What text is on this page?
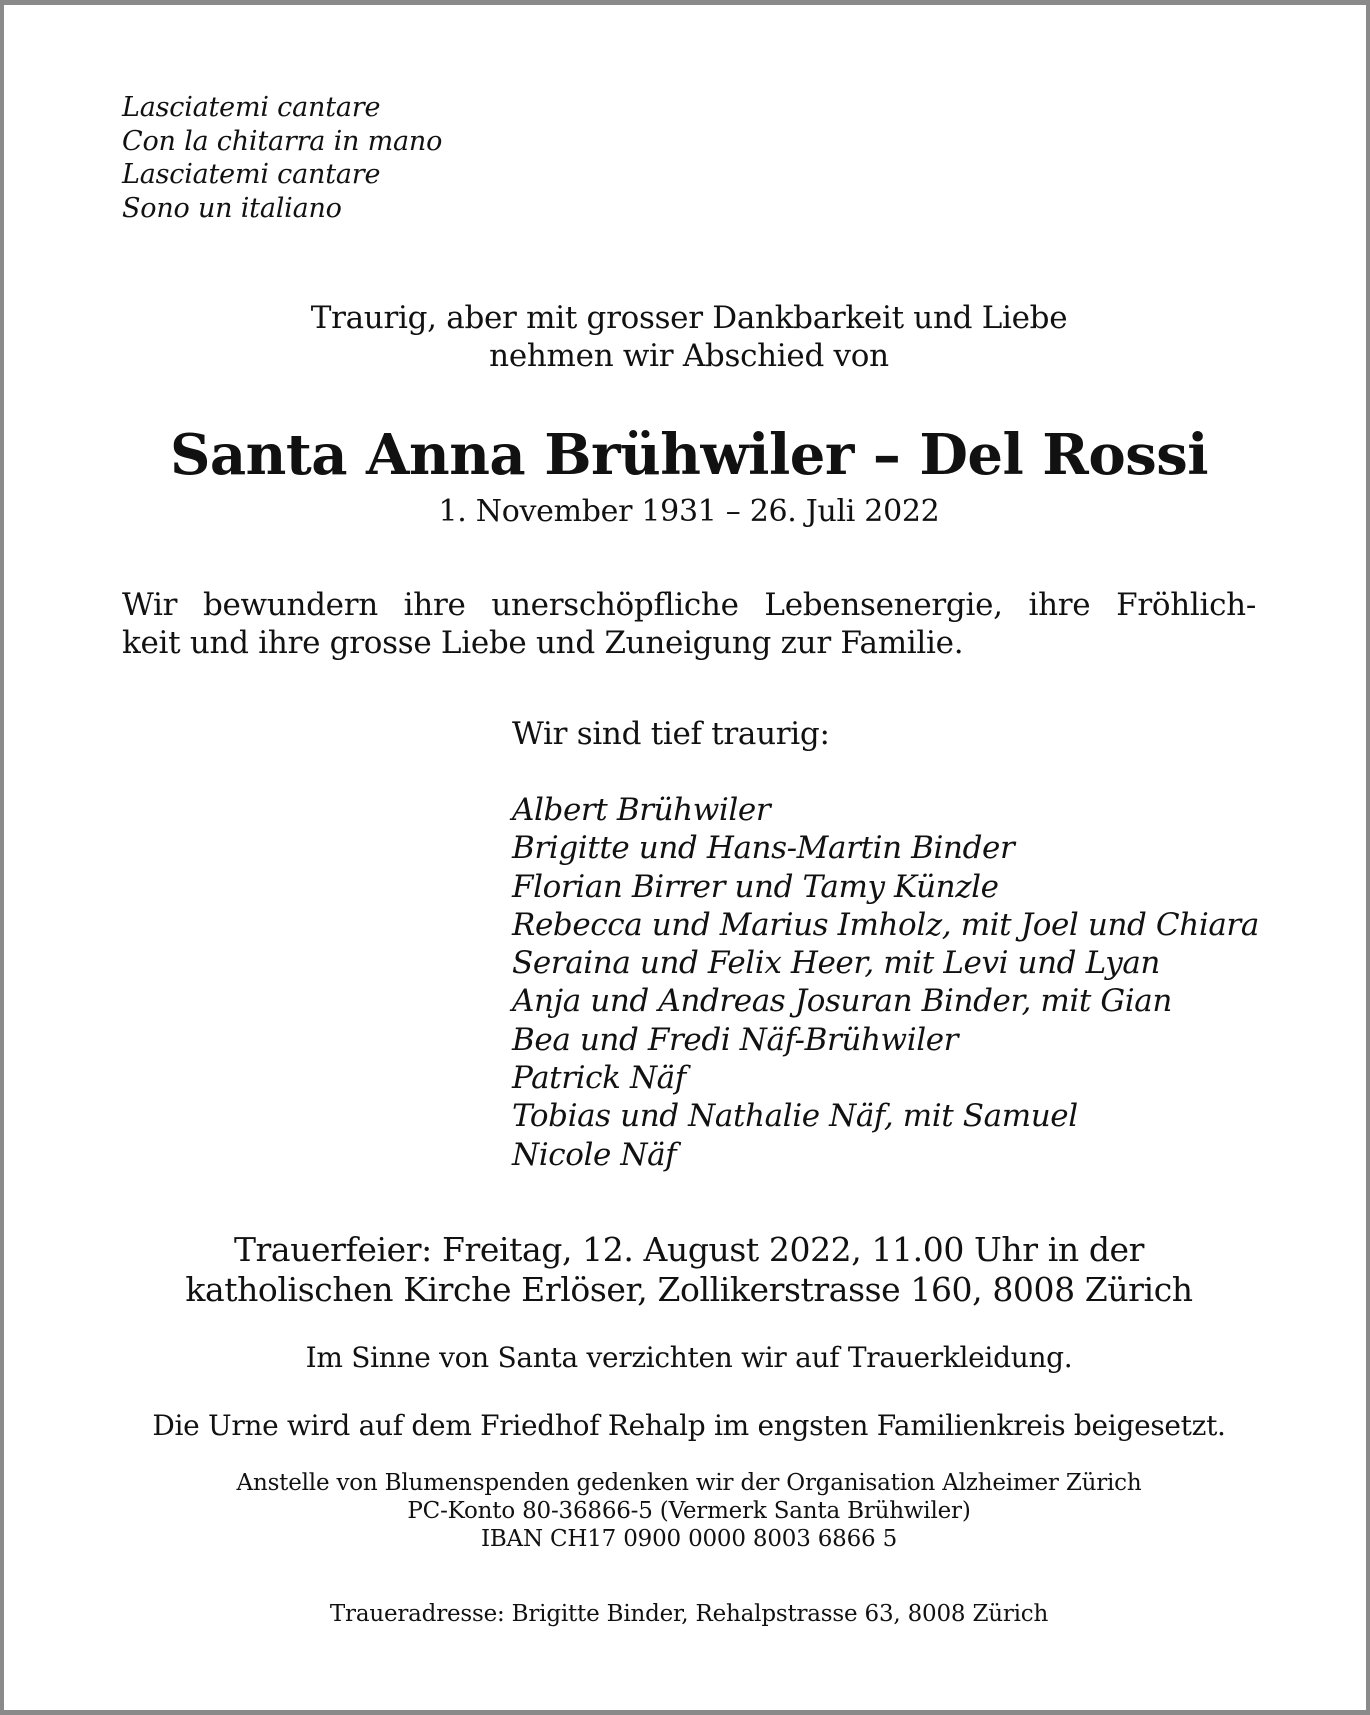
Lasciatemi cantare
Con la chitarra in mano
Lasciatemi cantare
Sono un italiano
Traurig, aber mit grosser Dankbarkeit und Liebe
nehmen wir Abschied von
Santa Anna Brühwiler – Del Rossi
1. November 1931 – 26. Juli 2022
Wir bewundern ihre unerschöpfliche Lebensenergie, ihre Fröhlich-
keit und ihre grosse Liebe und Zuneigung zur Familie.
Wir sind tief traurig:
Albert Brühwiler
Brigitte und Hans-Martin Binder
Florian Birrer und Tamy Künzle
Rebecca und Marius Imholz, mit Joel und Chiara
Seraina und Felix Heer, mit Levi und Lyan
Anja und Andreas Josuran Binder, mit Gian
Bea und Fredi Näf-Brühwiler
Patrick Näf
Tobias und Nathalie Näf, mit Samuel
Nicole Näf
Trauerfeier: Freitag, 12. August 2022, 11.00 Uhr in der
katholischen Kirche Erlöser, Zollikerstrasse 160, 8008 Zürich
Im Sinne von Santa verzichten wir auf Trauerkleidung.
Die Urne wird auf dem Friedhof Rehalp im engsten Familienkreis beigesetzt.
Anstelle von Blumenspenden gedenken wir der Organisation Alzheimer Zürich
PC-Konto 80-36866-5 (Vermerk Santa Brühwiler)
IBAN CH17 0900 0000 8003 6866 5
Traueradresse: Brigitte Binder, Rehalpstrasse 63, 8008 Zürich
